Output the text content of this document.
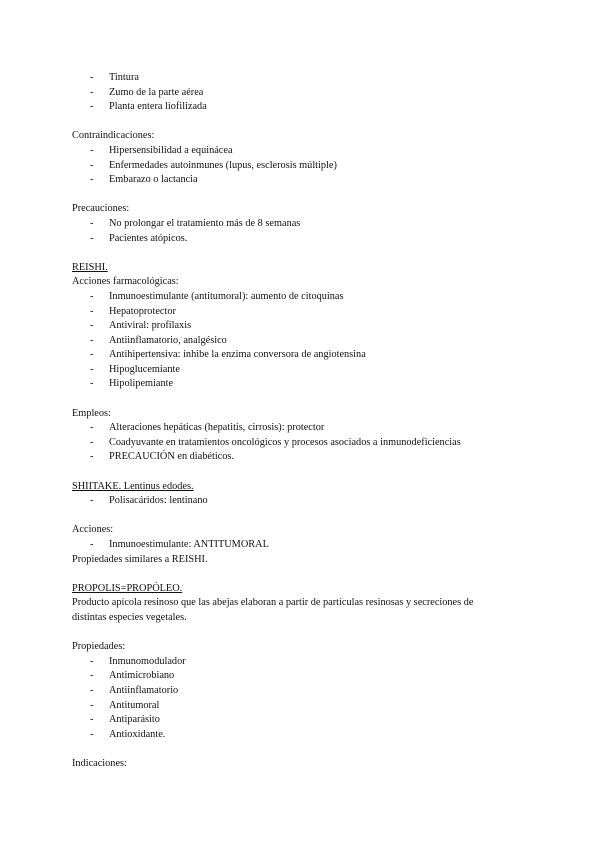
- Tintura
- Zumo de la parte aérea
- Planta entera liofilizada
Contraindicaciones:
- Hipersensibilidad a equinácea
- Enfermedades autoinmunes (lupus, esclerosis múltiple)
- Embarazo o lactancia
Precauciones:
- No prolongar el tratamiento más de 8 semanas
- Pacientes atópicos.
REISHI.
Acciones farmacológicas:
- Inmunoestimulante (antitumoral): aumento de citoquinas
- Hepatoprotector
- Antiviral: profilaxis
- Antiinflamatorio, analgésico
- Antihipertensiva: inhibe la enzima conversora de angiotensina
- Hipoglucemiante
- Hipolipemiante
Empleos:
- Alteraciones hepáticas (hepatitis, cirrosis): protector
- Coadyuvante en tratamientos oncológicos y procesos asociados a inmunodeficiencias
- PRECAUCIÓN en diabéticos.
SHIITAKE. Lentinus edodes.
- Polisacáridos: lentinano
Acciones:
- Inmunoestimulante: ANTITUMORAL
Propiedades similares a REISHI.
PROPOLIS=PROPÓLEO.
Producto apícola resinoso que las abejas elaboran a partir de partículas resinosas y secreciones de
distintas especies vegetales.
Propiedades:
- Inmunomodulador
- Antimicrobiano
- Antiinflamatorio
- Antitumoral
- Antiparásito
- Antioxidante.
Indicaciones:
